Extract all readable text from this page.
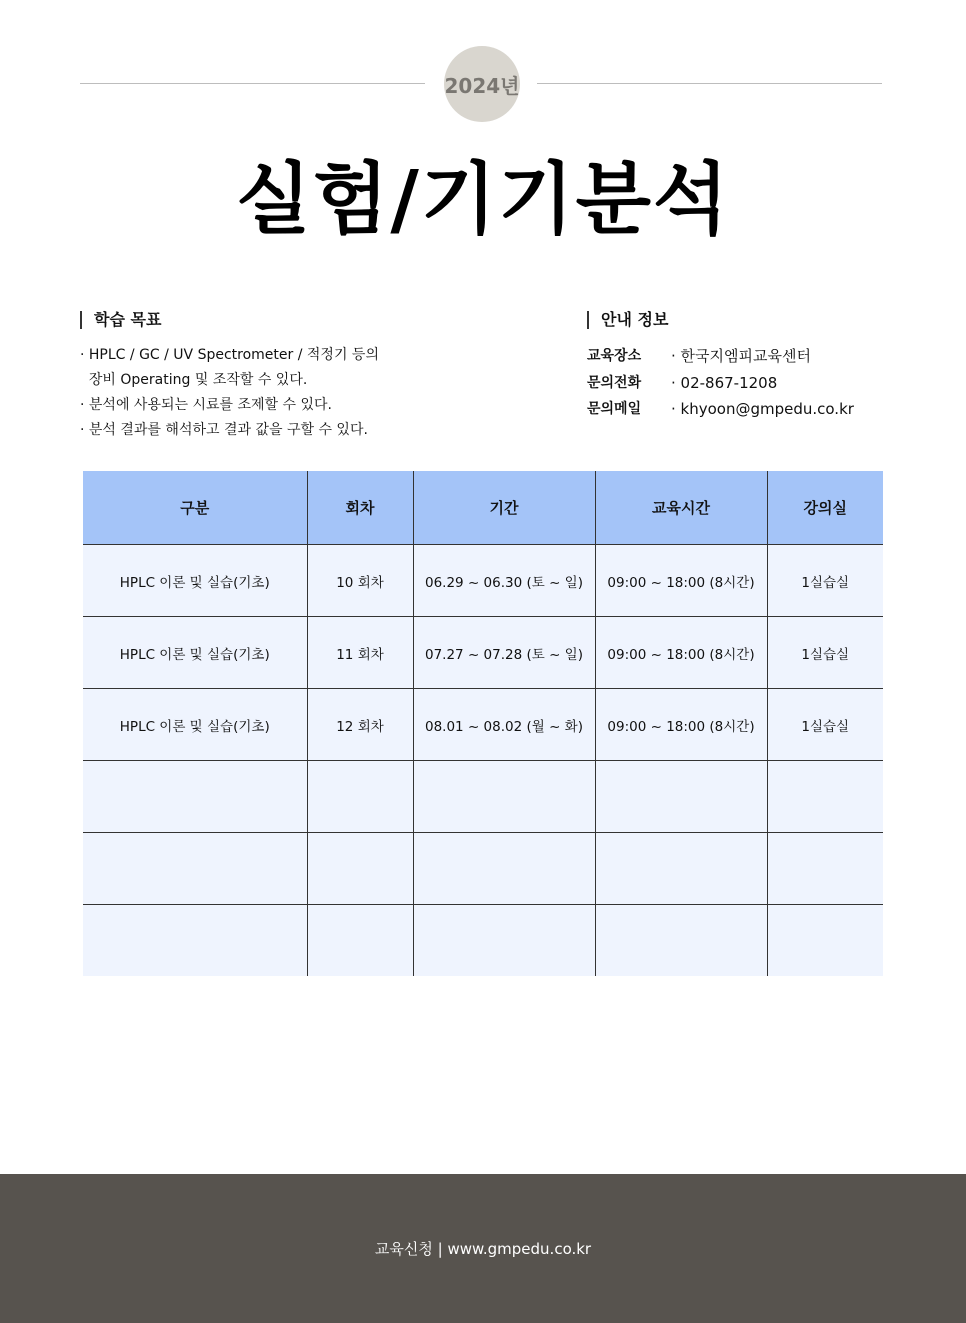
2024년
실험/기기분석
학습 목표
· HPLC / GC / UV Spectrometer / 적정기 등의
장비 Operating 및 조작할 수 있다.
· 분석에 사용되는 시료를 조제할 수 있다.
· 분석 결과를 해석하고 결과 값을 구할 수 있다.
안내 정보
교육장소	· 한국지엠피교육센터
문의전화	· 02-867-1208
문의메일	· khyoon@gmpedu.co.kr
구분	회차	기간	교육시간	강의실
HPLC 이론 및 실습(기초)	10 회차	06.29 ~ 06.30 (토 ~ 일)	09:00 ~ 18:00 (8시간)	1실습실
HPLC 이론 및 실습(기초)	11 회차	07.27 ~ 07.28 (토 ~ 일)	09:00 ~ 18:00 (8시간)	1실습실
HPLC 이론 및 실습(기초)	12 회차	08.01 ~ 08.02 (월 ~ 화)	09:00 ~ 18:00 (8시간)	1실습실

교육신청 | www.gmpedu.co.kr
